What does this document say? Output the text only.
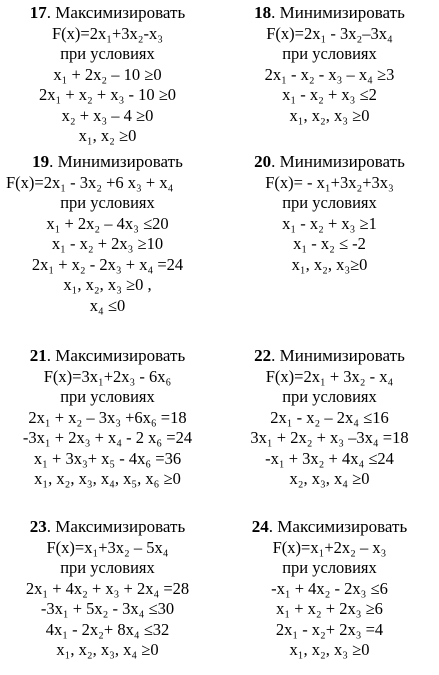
17. Максимизировать
F(x)=2x₁+3x₂-x₃
при условиях
x₁ + 2x₂ – 10 ≥0
2x₁ + x₂ + x₃ - 10 ≥0
x₂ + x₃ – 4 ≥0
x₁, x₂ ≥0
18. Минимизировать
F(x)=2x₁ - 3x₂–3x₄
при условиях
2x₁ - x₂ - x₃ – x₄ ≥3
x₁ - x₂ + x₃ ≤2
x₁, x₂, x₃ ≥0
19. Минимизировать
F(x)=2x₁ - 3x₂ +6 x₃ + x₄
при условиях
x₁ + 2x₂ – 4x₃ ≤20
x₁ - x₂ + 2x₃ ≥10
2x₁ + x₂ - 2x₃ + x₄ =24
x₁, x₂, x₃ ≥0 ,
x₄ ≤0
20. Минимизировать
F(x)= - x₁+3x₂+3x₃
при условиях
x₁ - x₂ + x₃ ≥1
x₁ - x₂ ≤ -2
x₁, x₂, x₃≥0
21. Максимизировать
F(x)=3x₁+2x₃ - 6x₆
при условиях
2x₁ + x₂ – 3x₃ +6x₆ =18
-3x₁ + 2x₃ + x₄ - 2 x₆ =24
x₁ + 3x₃+ x₅ - 4x₆ =36
x₁, x₂, x₃, x₄, x₅, x₆ ≥0
22. Минимизировать
F(x)=2x₁ + 3x₂ - x₄
при условиях
2x₁ - x₂ – 2x₄ ≤16
3x₁ + 2x₂ + x₃ –3x₄ =18
-x₁ + 3x₂ + 4x₄ ≤24
x₂, x₃, x₄ ≥0
23. Максимизировать
F(x)=x₁+3x₂ – 5x₄
при условиях
2x₁ + 4x₂ + x₃ + 2x₄ =28
-3x₁ + 5x₂ - 3x₄ ≤30
4x₁ - 2x₂+ 8x₄ ≤32
x₁, x₂, x₃, x₄ ≥0
24. Максимизировать
F(x)=x₁+2x₂ – x₃
при условиях
-x₁ + 4x₂ - 2x₃ ≤6
x₁ + x₂ + 2x₃ ≥6
2x₁ - x₂+ 2x₃ =4
x₁, x₂, x₃ ≥0
